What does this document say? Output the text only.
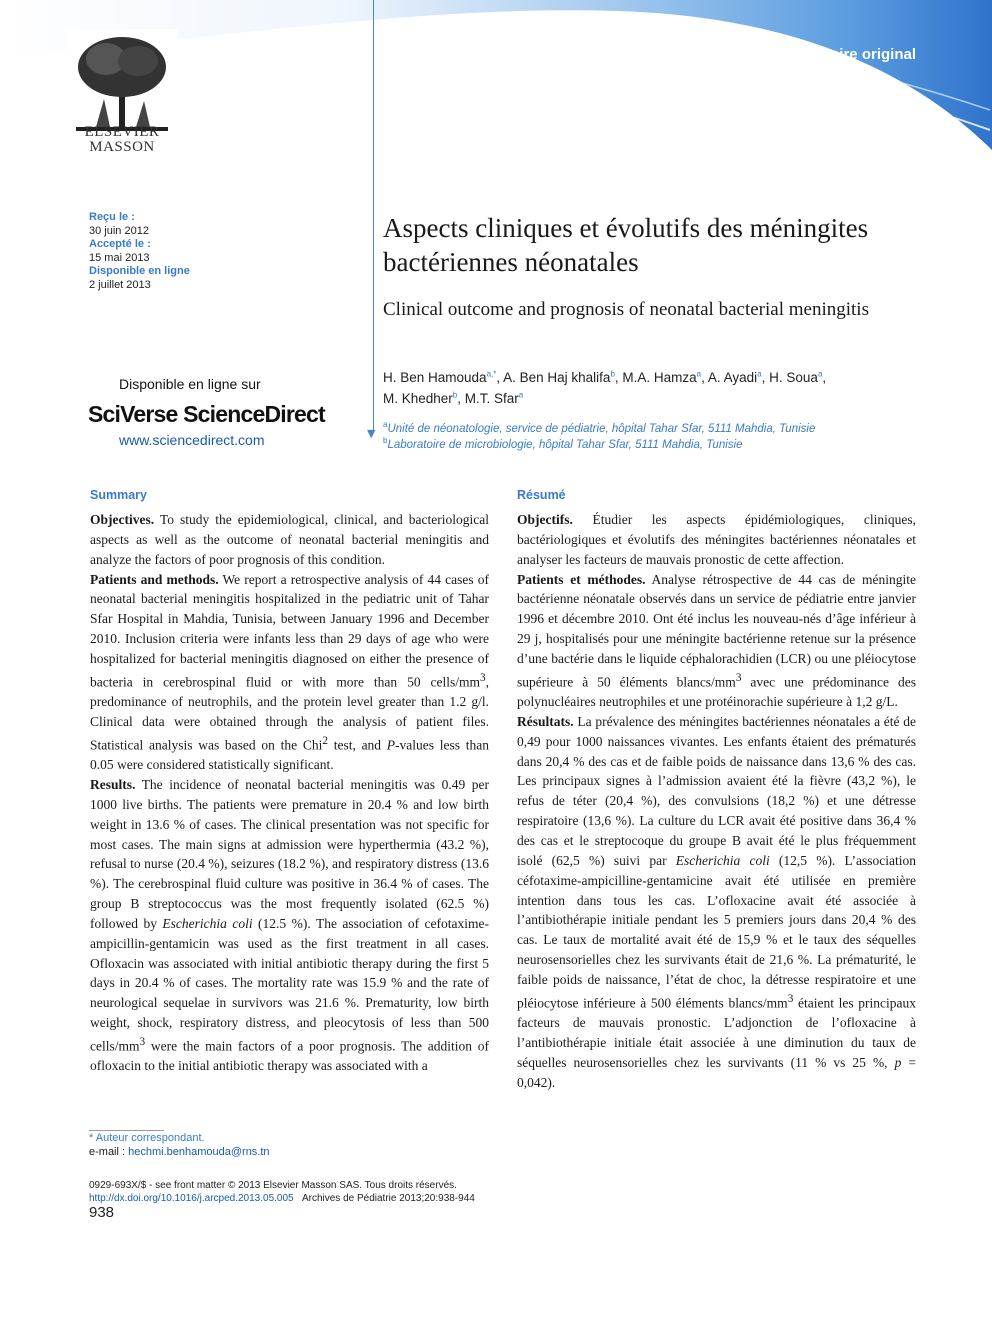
Mémoire original
▼
ELSEVIER
MASSON
Reçu le :
30 juin 2012
Accepté le :
15 mai 2013
Disponible en ligne
2 juillet 2013
Disponible en ligne sur
SciVerse ScienceDirect
www.sciencedirect.com
Aspects cliniques et évolutifs des méningites bactériennes néonatales
Clinical outcome and prognosis of neonatal bacterial meningitis
H. Ben Hamouda$^{a,*}$, A. Ben Haj khalifa$^b$, M.A. Hamza$^a$, A. Ayadi$^a$, H. Soua$^a$,
M. Khedher$^b$, M.T. Sfar$^a$
$^a$Unité de néonatologie, service de pédiatrie, hôpital Tahar Sfar, 5111 Mahdia, Tunisie
$^b$Laboratoire de microbiologie, hôpital Tahar Sfar, 5111 Mahdia, Tunisie
Summary

Objectives. To study the epidemiological, clinical, and bacteriological aspects as well as the outcome of neonatal bacterial meningitis and analyze the factors of poor prognosis of this condition.

Patients and methods. We report a retrospective analysis of 44 cases of neonatal bacterial meningitis hospitalized in the pediatric unit of Tahar Sfar Hospital in Mahdia, Tunisia, between January 1996 and December 2010. Inclusion criteria were infants less than 29 days of age who were hospitalized for bacterial meningitis diagnosed on either the presence of bacteria in cerebrospinal fluid or with more than 50 cells/$mm^3$, predominance of neutrophils, and the protein level greater than 1.2 g/l. Clinical data were obtained through the analysis of patient files. Statistical analysis was based on the Chi$^2$ test, and P-values less than 0.05 were considered statistically significant.

Results. The incidence of neonatal bacterial meningitis was 0.49 per 1000 live births. The patients were premature in 20.4 % and low birth weight in 13.6 % of cases. The clinical presentation was not specific for most cases. The main signs at admission were hyperthermia (43.2 %), refusal to nurse (20.4 %), seizures (18.2 %), and respiratory distress (13.6 %). The cerebrospinal fluid culture was positive in 36.4 % of cases. The group B streptococcus was the most frequently isolated (62.5 %) followed by Escherichia coli (12.5 %). The association of cefotaxime-ampicillin-gentamicin was used as the first treatment in all cases. Ofloxacin was associated with initial antibiotic therapy during the first 5 days in 20.4 % of cases. The mortality rate was 15.9 % and the rate of neurological sequelae in survivors was 21.6 %. Prematurity, low birth weight, shock, respiratory distress, and pleocytosis of less than 500 cells/$mm^3$ were the main factors of a poor prognosis. The addition of ofloxacin to the initial antibiotic therapy was associated with a

Résumé

Objectifs. Étudier les aspects épidémiologiques, cliniques, bactériologiques et évolutifs des méningites bactériennes néonatales et analyser les facteurs de mauvais pronostic de cette affection.

Patients et méthodes. Analyse rétrospective de 44 cas de méningite bactérienne néonatale observés dans un service de pédiatrie entre janvier 1996 et décembre 2010. Ont été inclus les nouveau-nés d’âge inférieur à 29 j, hospitalisés pour une méningite bactérienne retenue sur la présence d’une bactérie dans le liquide céphalorachidien (LCR) ou une pléiocytose supérieure à 50 éléments blancs/$mm^3$ avec une prédominance des polynucléaires neutrophiles et une protéinorachie supérieure à 1,2 g/L.

Résultats. La prévalence des méningites bactériennes néonatales a été de 0,49 pour 1000 naissances vivantes. Les enfants étaient des prématurés dans 20,4 % des cas et de faible poids de naissance dans 13,6 % des cas. Les principaux signes à l’admission avaient été la fièvre (43,2 %), le refus de téter (20,4 %), des convulsions (18,2 %) et une détresse respiratoire (13,6 %). La culture du LCR avait été positive dans 36,4 % des cas et le streptocoque du groupe B avait été le plus fréquemment isolé (62,5 %) suivi par Escherichia coli (12,5 %). L’association céfotaxime-ampicilline-gentamicine avait été utilisée en première intention dans tous les cas. L’ofloxacine avait été associée à l’antibiothérapie initiale pendant les 5 premiers jours dans 20,4 % des cas. Le taux de mortalité avait été de 15,9 % et le taux des séquelles neurosensorielles chez les survivants était de 21,6 %. La prématurité, le faible poids de naissance, l’état de choc, la détresse respiratoire et une pléiocytose inférieure à 500 éléments blancs/$mm^3$ étaient les principaux facteurs de mauvais pronostic. L’adjonction de l’ofloxacine à l’antibiothérapie initiale était associée à une diminution du taux de séquelles neurosensorielles chez les survivants (11 % vs 25 %, p = 0,042).

* Auteur correspondant.
e-mail : hechmi.benhamouda@rns.tn
0929-693X/$ - see front matter © 2013 Elsevier Masson SAS. Tous droits réservés.
http://dx.doi.org/10.1016/j.arcped.2013.05.005 Archives de Pédiatrie 2013;20:938-944
938
